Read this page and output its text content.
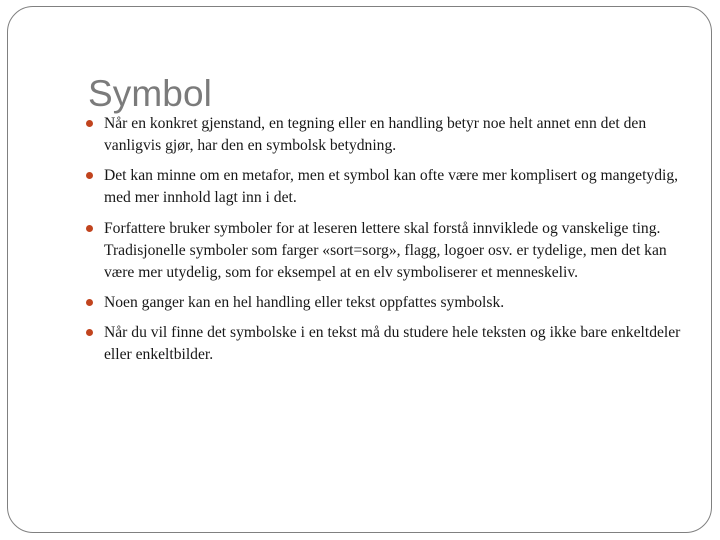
Symbol
Når en konkret gjenstand, en tegning eller en handling betyr noe helt annet enn det den vanligvis gjør, har den en symbolsk betydning.
Det kan minne om en metafor, men et symbol kan ofte være mer komplisert og mangetydig, med mer innhold lagt inn i det.
Forfattere bruker symboler for at leseren lettere skal forstå innviklede og vanskelige ting. Tradisjonelle symboler som farger «sort=sorg», flagg, logoer osv. er tydelige, men det kan være mer utydelig, som for eksempel at en elv symboliserer et menneskeliv.
Noen ganger kan en hel handling eller tekst oppfattes symbolsk.
Når du vil finne det symbolske i en tekst må du studere hele teksten og ikke bare enkeltdeler eller enkeltbilder.
